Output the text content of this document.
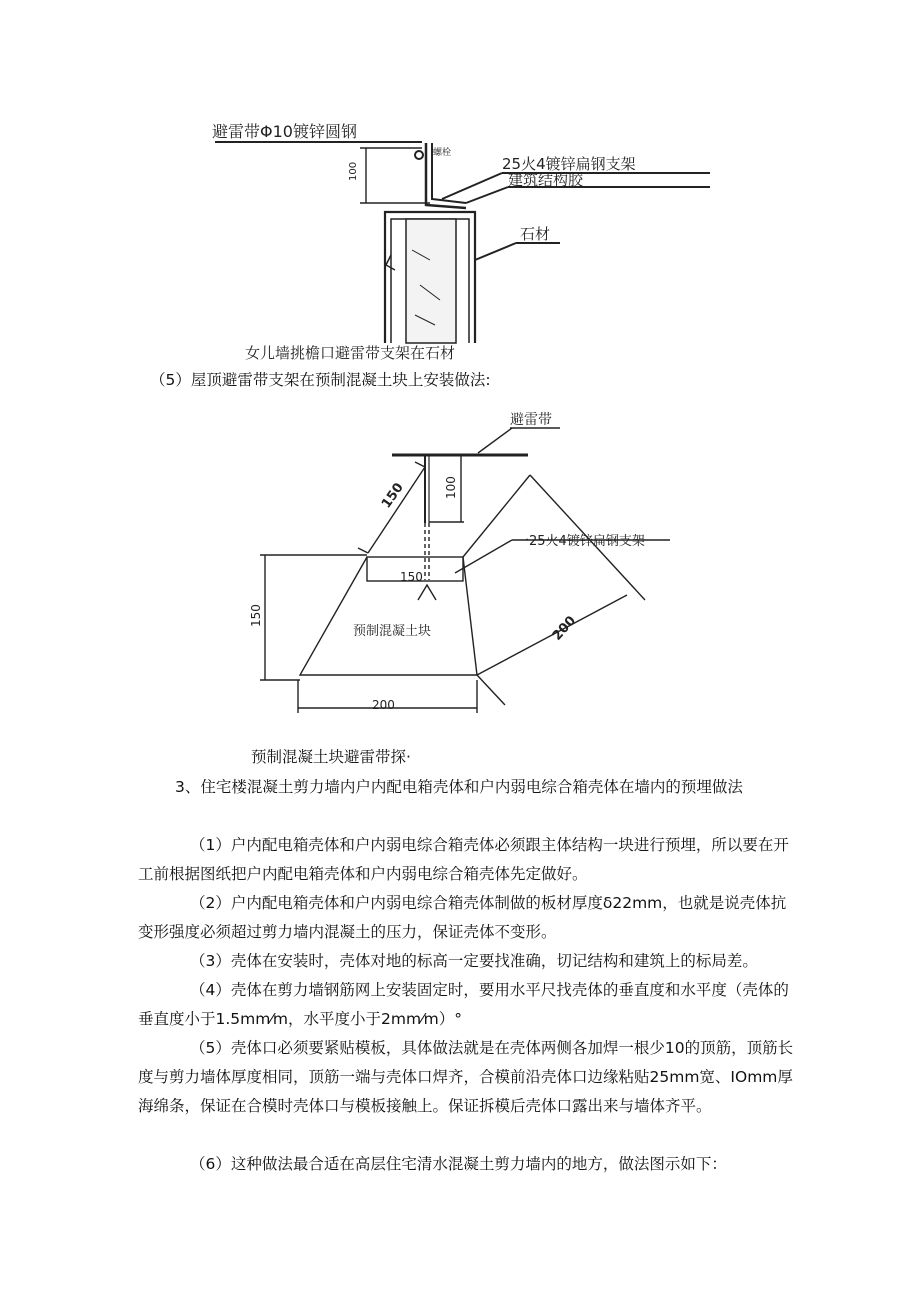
避雷带Φ10镀锌圆钢
螺栓
100	25火4镀锌扁钢支架
建筑结构胶
石材
女儿墙挑檐口避雷带支架在石材
（5）屋顶避雷带支架在预制混凝土块上安装做法:
避雷带
150	100
一25火4镀锌扁钢支架
150
150	200
预制混凝土块
200
预制混凝土块避雷带探·
3、住宅楼混凝土剪力墙内户内配电箱壳体和户内弱电综合箱壳体在墙内的预埋做法
（1）户内配电箱壳体和户内弱电综合箱壳体必须跟主体结构一块进行预埋，所以要在开工前根据图纸把户内配电箱壳体和户内弱电综合箱壳体先定做好。
（2）户内配电箱壳体和户内弱电综合箱壳体制做的板材厚度δ22mm，也就是说壳体抗变形强度必须超过剪力墙内混凝土的压力，保证壳体不变形。
（3）壳体在安装时，壳体对地的标高一定要找准确，切记结构和建筑上的标局差。
（4）壳体在剪力墙钢筋网上安装固定时，要用水平尺找壳体的垂直度和水平度（壳体的垂直度小于1.5mm⁄m，水平度小于2mm⁄m）°
（5）壳体口必须要紧贴模板，具体做法就是在壳体两侧各加焊一根少10的顶筋，顶筋长度与剪力墙体厚度相同，顶筋一端与壳体口焊齐，合模前沿壳体口边缘粘贴25mm宽、IOmm厚海绵条，保证在合模时壳体口与模板接触上。保证拆模后壳体口露出来与墙体齐平。
（6）这种做法最合适在高层住宅清水混凝土剪力墙内的地方，做法图示如下：
